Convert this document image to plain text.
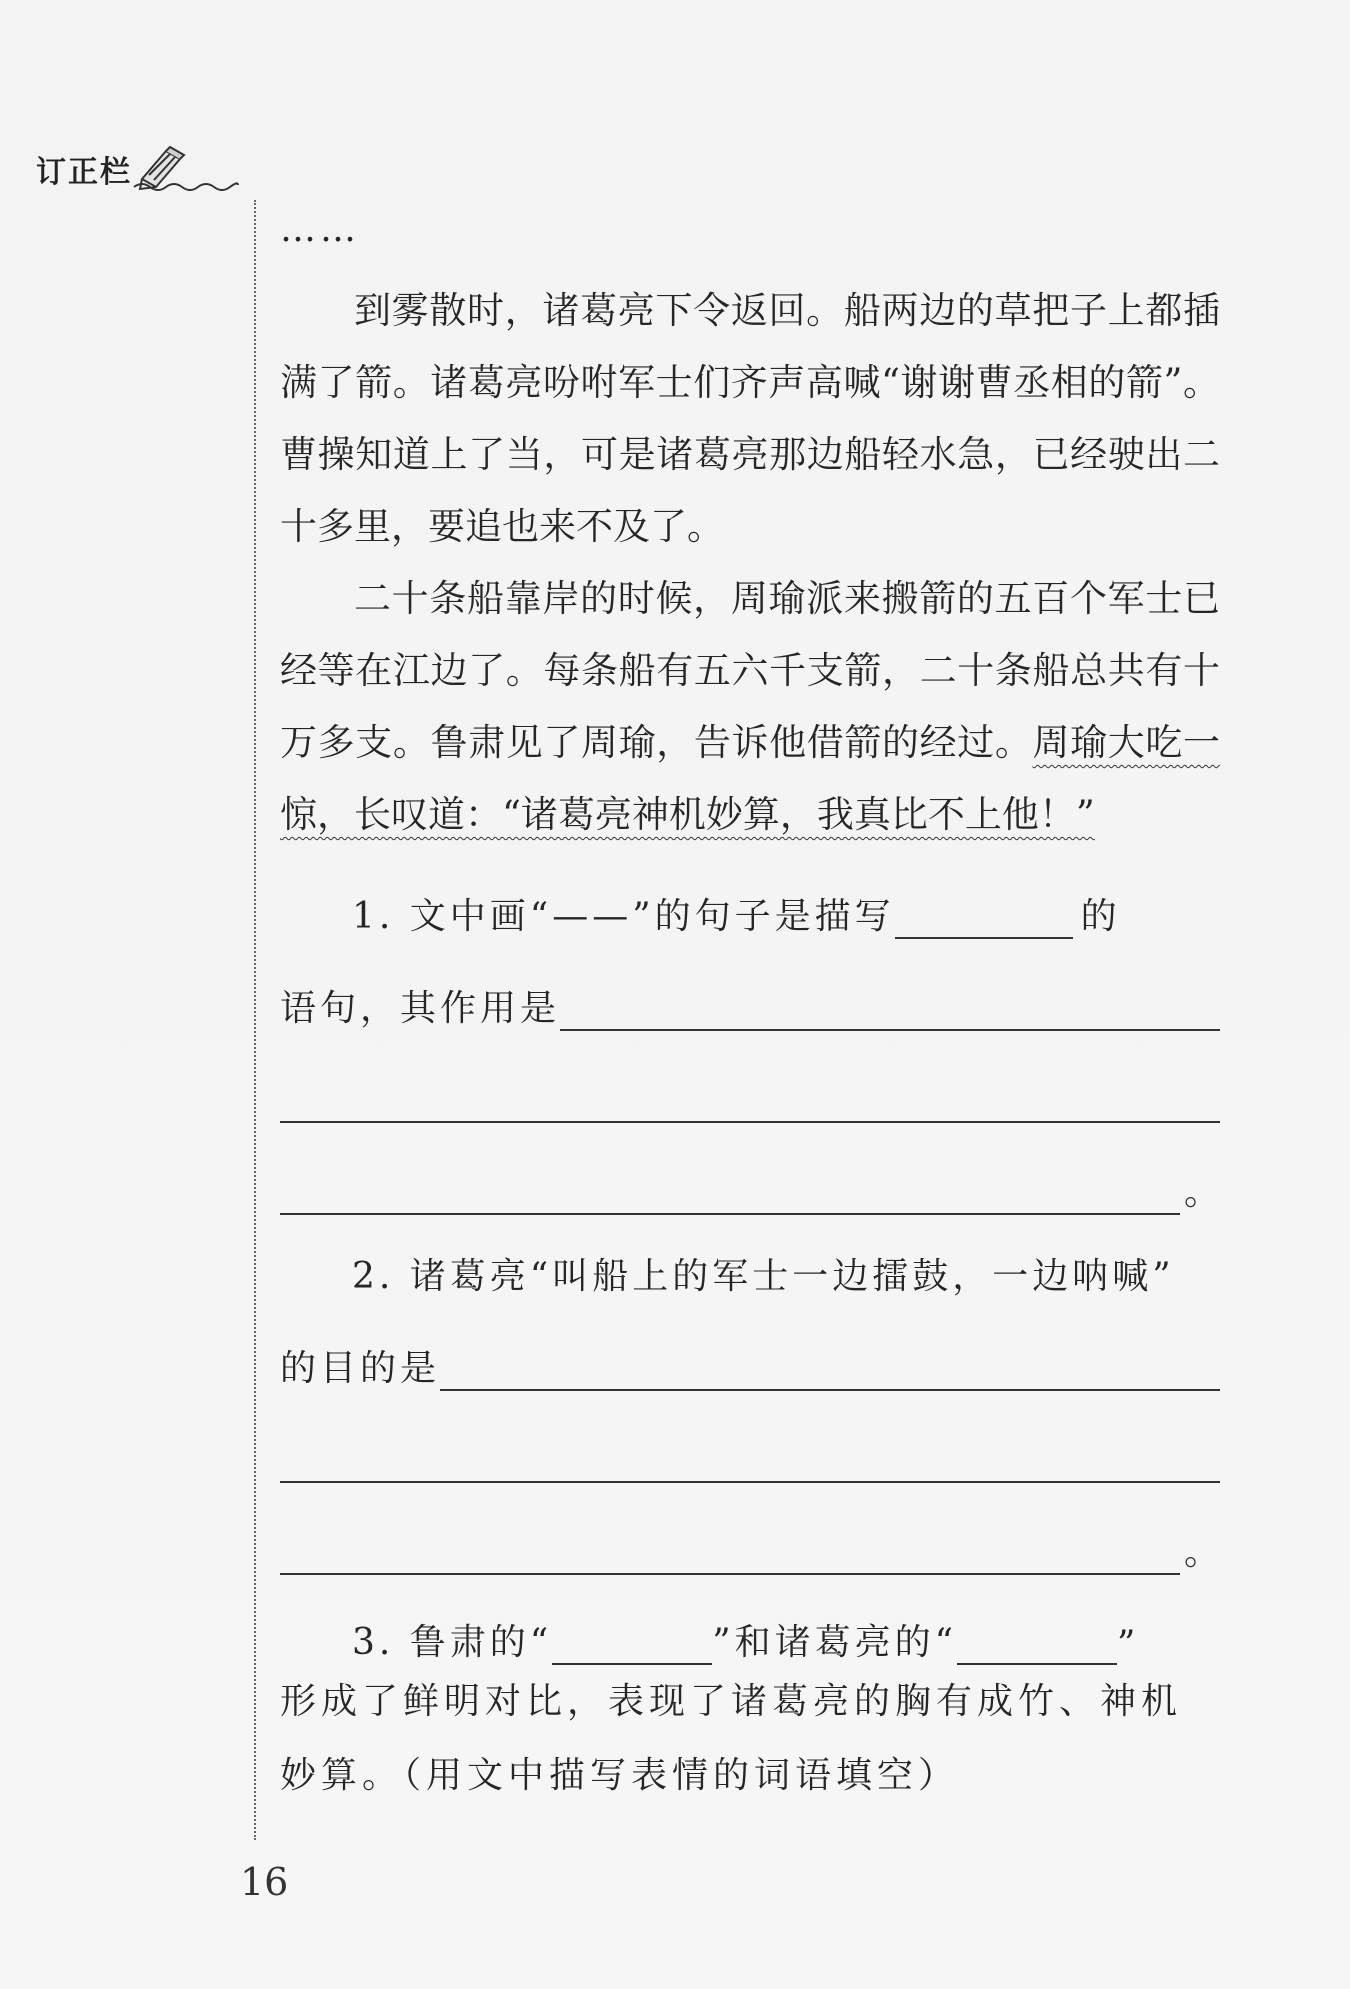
订正栏
……

到雾散时，诸葛亮下令返回。船两边的草把子上都插满了箭。诸葛亮吩咐军士们齐声高喊“谢谢曹丞相的箭”。曹操知道上了当，可是诸葛亮那边船轻水急，已经驶出二十多里，要追也来不及了。

二十条船靠岸的时候，周瑜派来搬箭的五百个军士已经等在江边了。每条船有五六千支箭，二十条船总共有十万多支。鲁肃见了周瑜，告诉他借箭的经过。周瑜大吃一惊，长叹道：“诸葛亮神机妙算，我真比不上他！”

1. 文中画“——”的句子是描写	的
语句，其作用是
。
2. 诸葛亮“叫船上的军士一边擂鼓，一边呐喊”
的目的是
。
3. 鲁肃的“	”和诸葛亮的“	”
形成了鲜明对比，表现了诸葛亮的胸有成竹、神机妙算。（用文中描写表情的词语填空）
16
